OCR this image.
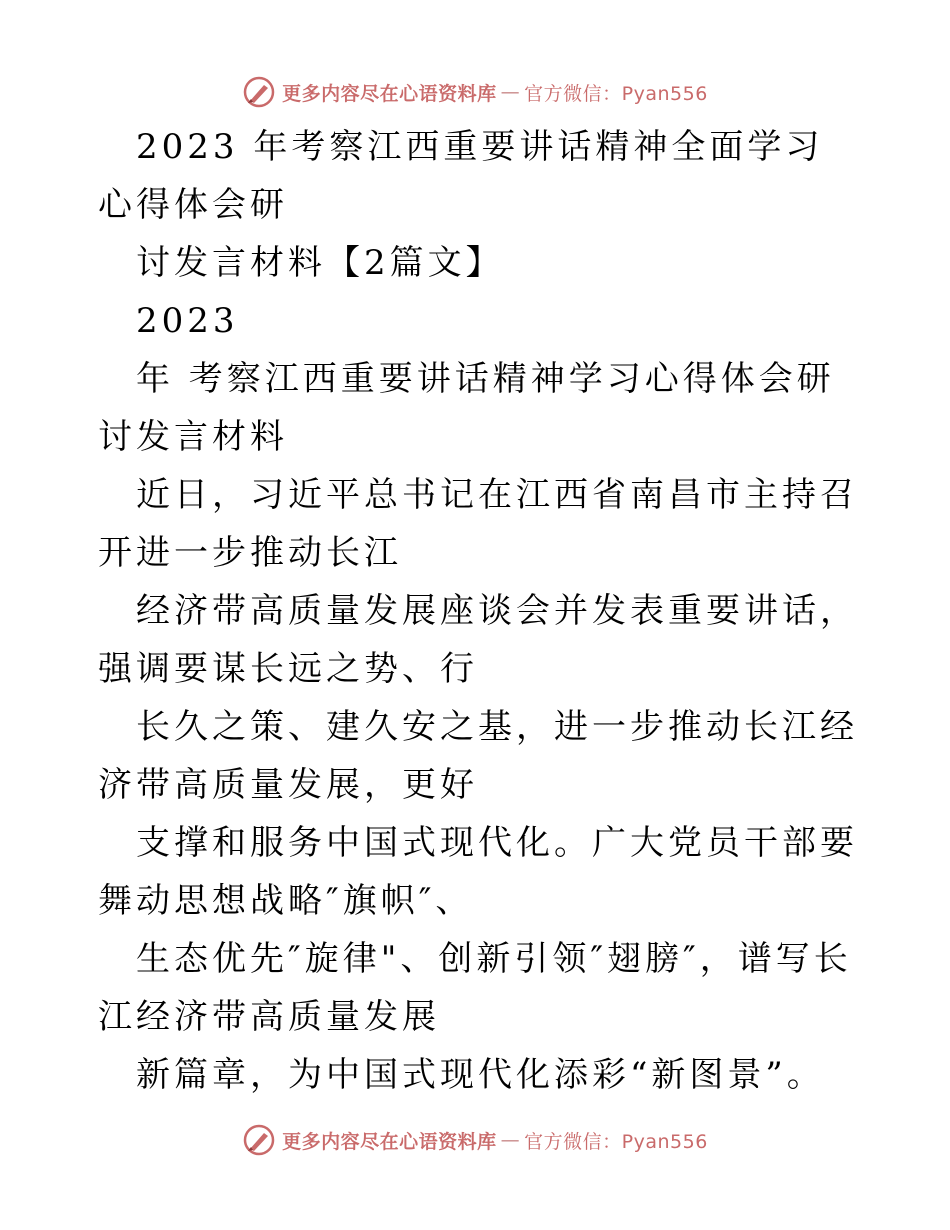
更多内容尽在心语资料库 — 官方微信：Pyan556

2023 年考察江西重要讲话精神全面学习心得体会研

讨发言材料【2篇文】

2023

年 考察江西重要讲话精神学习心得体会研讨发言材料

近日，习近平总书记在江西省南昌市主持召开进一步推动长江

经济带高质量发展座谈会并发表重要讲话，强调要谋长远之势、行

长久之策、建久安之基，进一步推动长江经济带高质量发展，更好

支撑和服务中国式现代化。广大党员干部要舞动思想战略″旗帜″、

生态优先″旋律"、创新引领″翅膀″，谱写长江经济带高质量发展

新篇章，为中国式现代化添彩“新图景”。

更多内容尽在心语资料库 — 官方微信：Pyan556
